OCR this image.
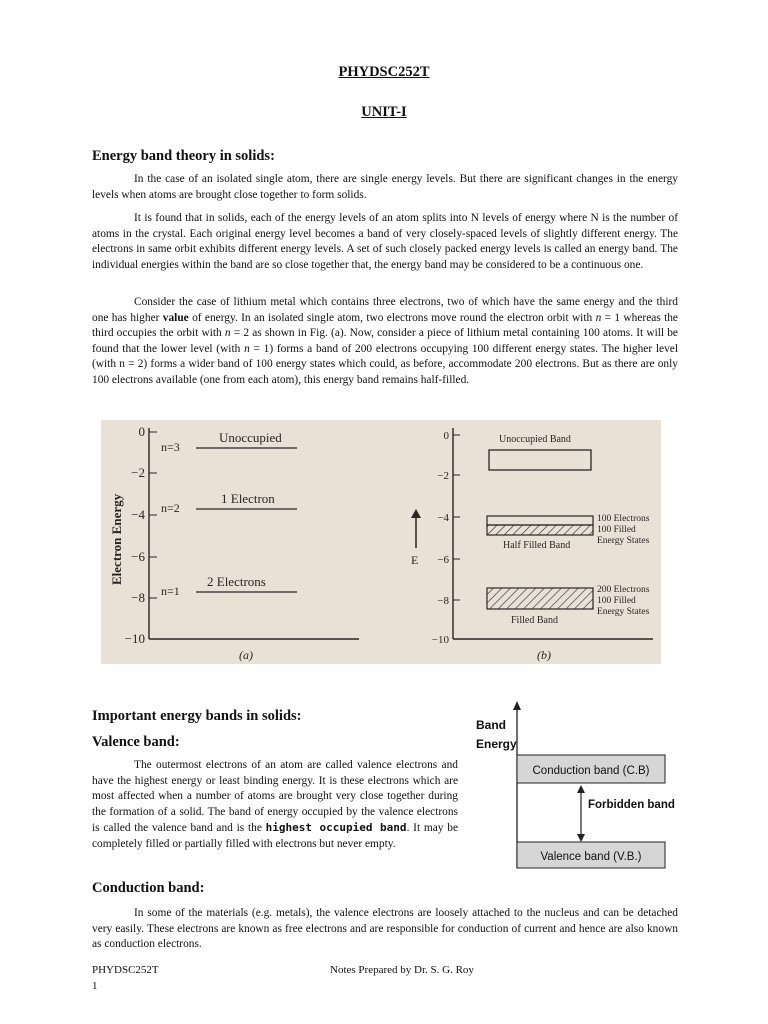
PHYDSC252T
UNIT-I
Energy band theory in solids:

In the case of an isolated single atom, there are single energy levels. But there are significant changes in the energy levels when atoms are brought close together to form solids.

It is found that in solids, each of the energy levels of an atom splits into N levels of energy where N is the number of atoms in the crystal. Each original energy level becomes a band of very closely-spaced levels of slightly different energy. The electrons in same orbit exhibits different energy levels. A set of such closely packed energy levels is called an energy band. The individual energies within the band are so close together that, the energy band may be considered to be a continuous one.

Consider the case of lithium metal which contains three electrons, two of which have the same energy and the third one has higher value of energy. In an isolated single atom, two electrons move round the electron orbit with n = 1 whereas the third occupies the orbit with n = 2 as shown in Fig. (a). Now, consider a piece of lithium metal containing 100 atoms. It will be found that the lower level (with n = 1) forms a band of 200 electrons occupying 100 different energy states. The higher level (with n = 2) forms a wider band of 100 energy states which could, as before, accommodate 200 electrons. But as there are only 100 electrons available (one from each atom), this energy band remains half-filled.

Electron Energy
0
−2
−4
−6
−8
−10
n=3
Unoccupied
n=2
1 Electron
n=1
2 Electrons
(a)
0
−2
−4
−6
−8
−10
E
Unoccupied Band
Half Filled Band
100 Electrons
100 Filled
Energy States
Filled Band
200 Electrons
100 Filled
Energy States
(b)
Important energy bands in solids:
Valence band:

The outermost electrons of an atom are called valence electrons and have the highest energy or least binding energy. It is these electrons which are most affected when a number of atoms are brought very close together during the formation of a solid. The band of energy occupied by the valence electrons is called the valence band and is the highest occupied band. It may be completely filled or partially filled with electrons but never empty.

Band
Energy
Conduction band (C.B)
Forbidden band
Valence band (V.B.)
Conduction band:

In some of the materials (e.g. metals), the valence electrons are loosely attached to the nucleus and can be detached very easily. These electrons are known as free electrons and are responsible for conduction of current and hence are also known as conduction electrons.

PHYDSC252T	Notes Prepared by Dr. S. G. Roy
1
